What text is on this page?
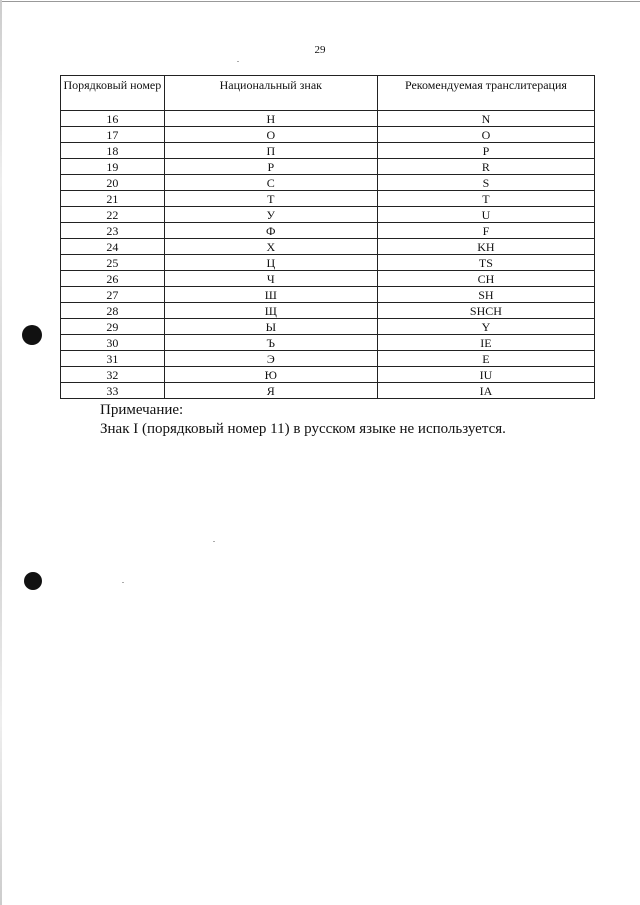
29
Порядковый номер	Национальный знак	Рекомендуемая транслитерация
16	Н	N
17	О	O
18	П	P
19	Р	R
20	С	S
21	Т	T
22	У	U
23	Ф	F
24	Х	KH
25	Ц	TS
26	Ч	CH
27	Ш	SH
28	Щ	SHCH
29	Ы	Y
30	Ъ	IE
31	Э	E
32	Ю	IU
33	Я	IA
Примечание:
Знак I (порядковый номер 11) в русском языке не используется.
